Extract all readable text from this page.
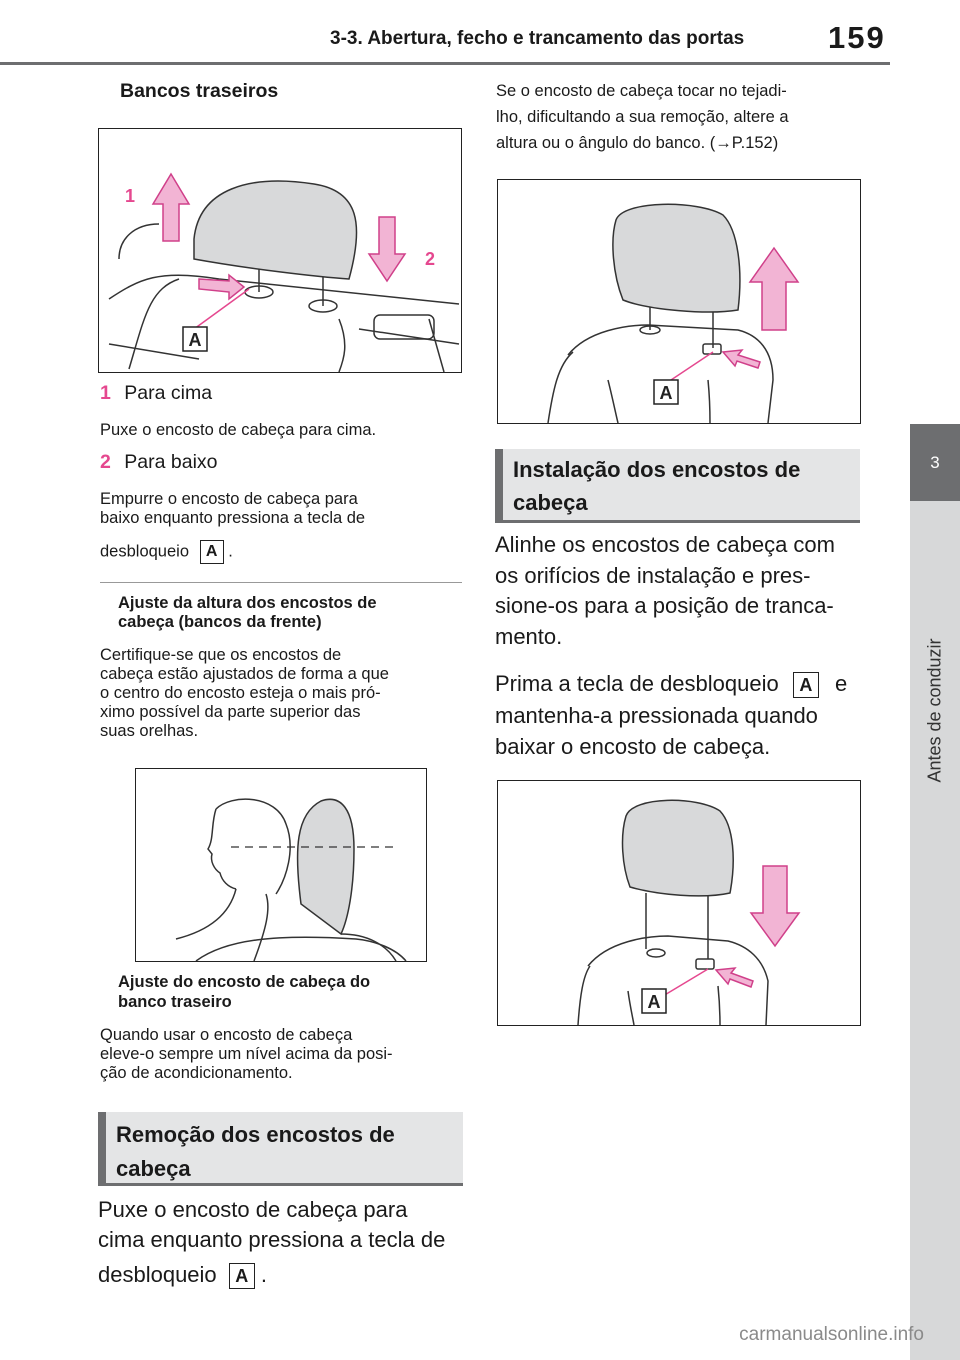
3-3. Abertura, fecho e trancamento das portas	159
3
Antes de conduzir
Bancos traseiros
1
2
A
1 Para cima
Puxe o encosto de cabeça para cima.
2 Para baixo
Empurre o encosto de cabeça para
baixo enquanto pressiona a tecla de
desbloqueio A .
Ajuste da altura dos encostos de
cabeça (bancos da frente)
Certifique-se que os encostos de
cabeça estão ajustados de forma a que
o centro do encosto esteja o mais pró-
ximo possível da parte superior das
suas orelhas.
Ajuste do encosto de cabeça do
banco traseiro
Quando usar o encosto de cabeça
eleve-o sempre um nível acima da posi-
ção de acondicionamento.
Remoção dos encostos de
cabeça
Puxe o encosto de cabeça para
cima enquanto pressiona a tecla de
desbloqueio A .
Se o encosto de cabeça tocar no tejadi-
lho, dificultando a sua remoção, altere a
altura ou o ângulo do banco. (→P.152)
A
Instalação dos encostos de
cabeça
Alinhe os encostos de cabeça com
os orifícios de instalação e pres-
sione-os para a posição de tranca-
mento.
Prima a tecla de desbloqueio A e
mantenha-a pressionada quando
baixar o encosto de cabeça.
A
carmanualsonline.info
